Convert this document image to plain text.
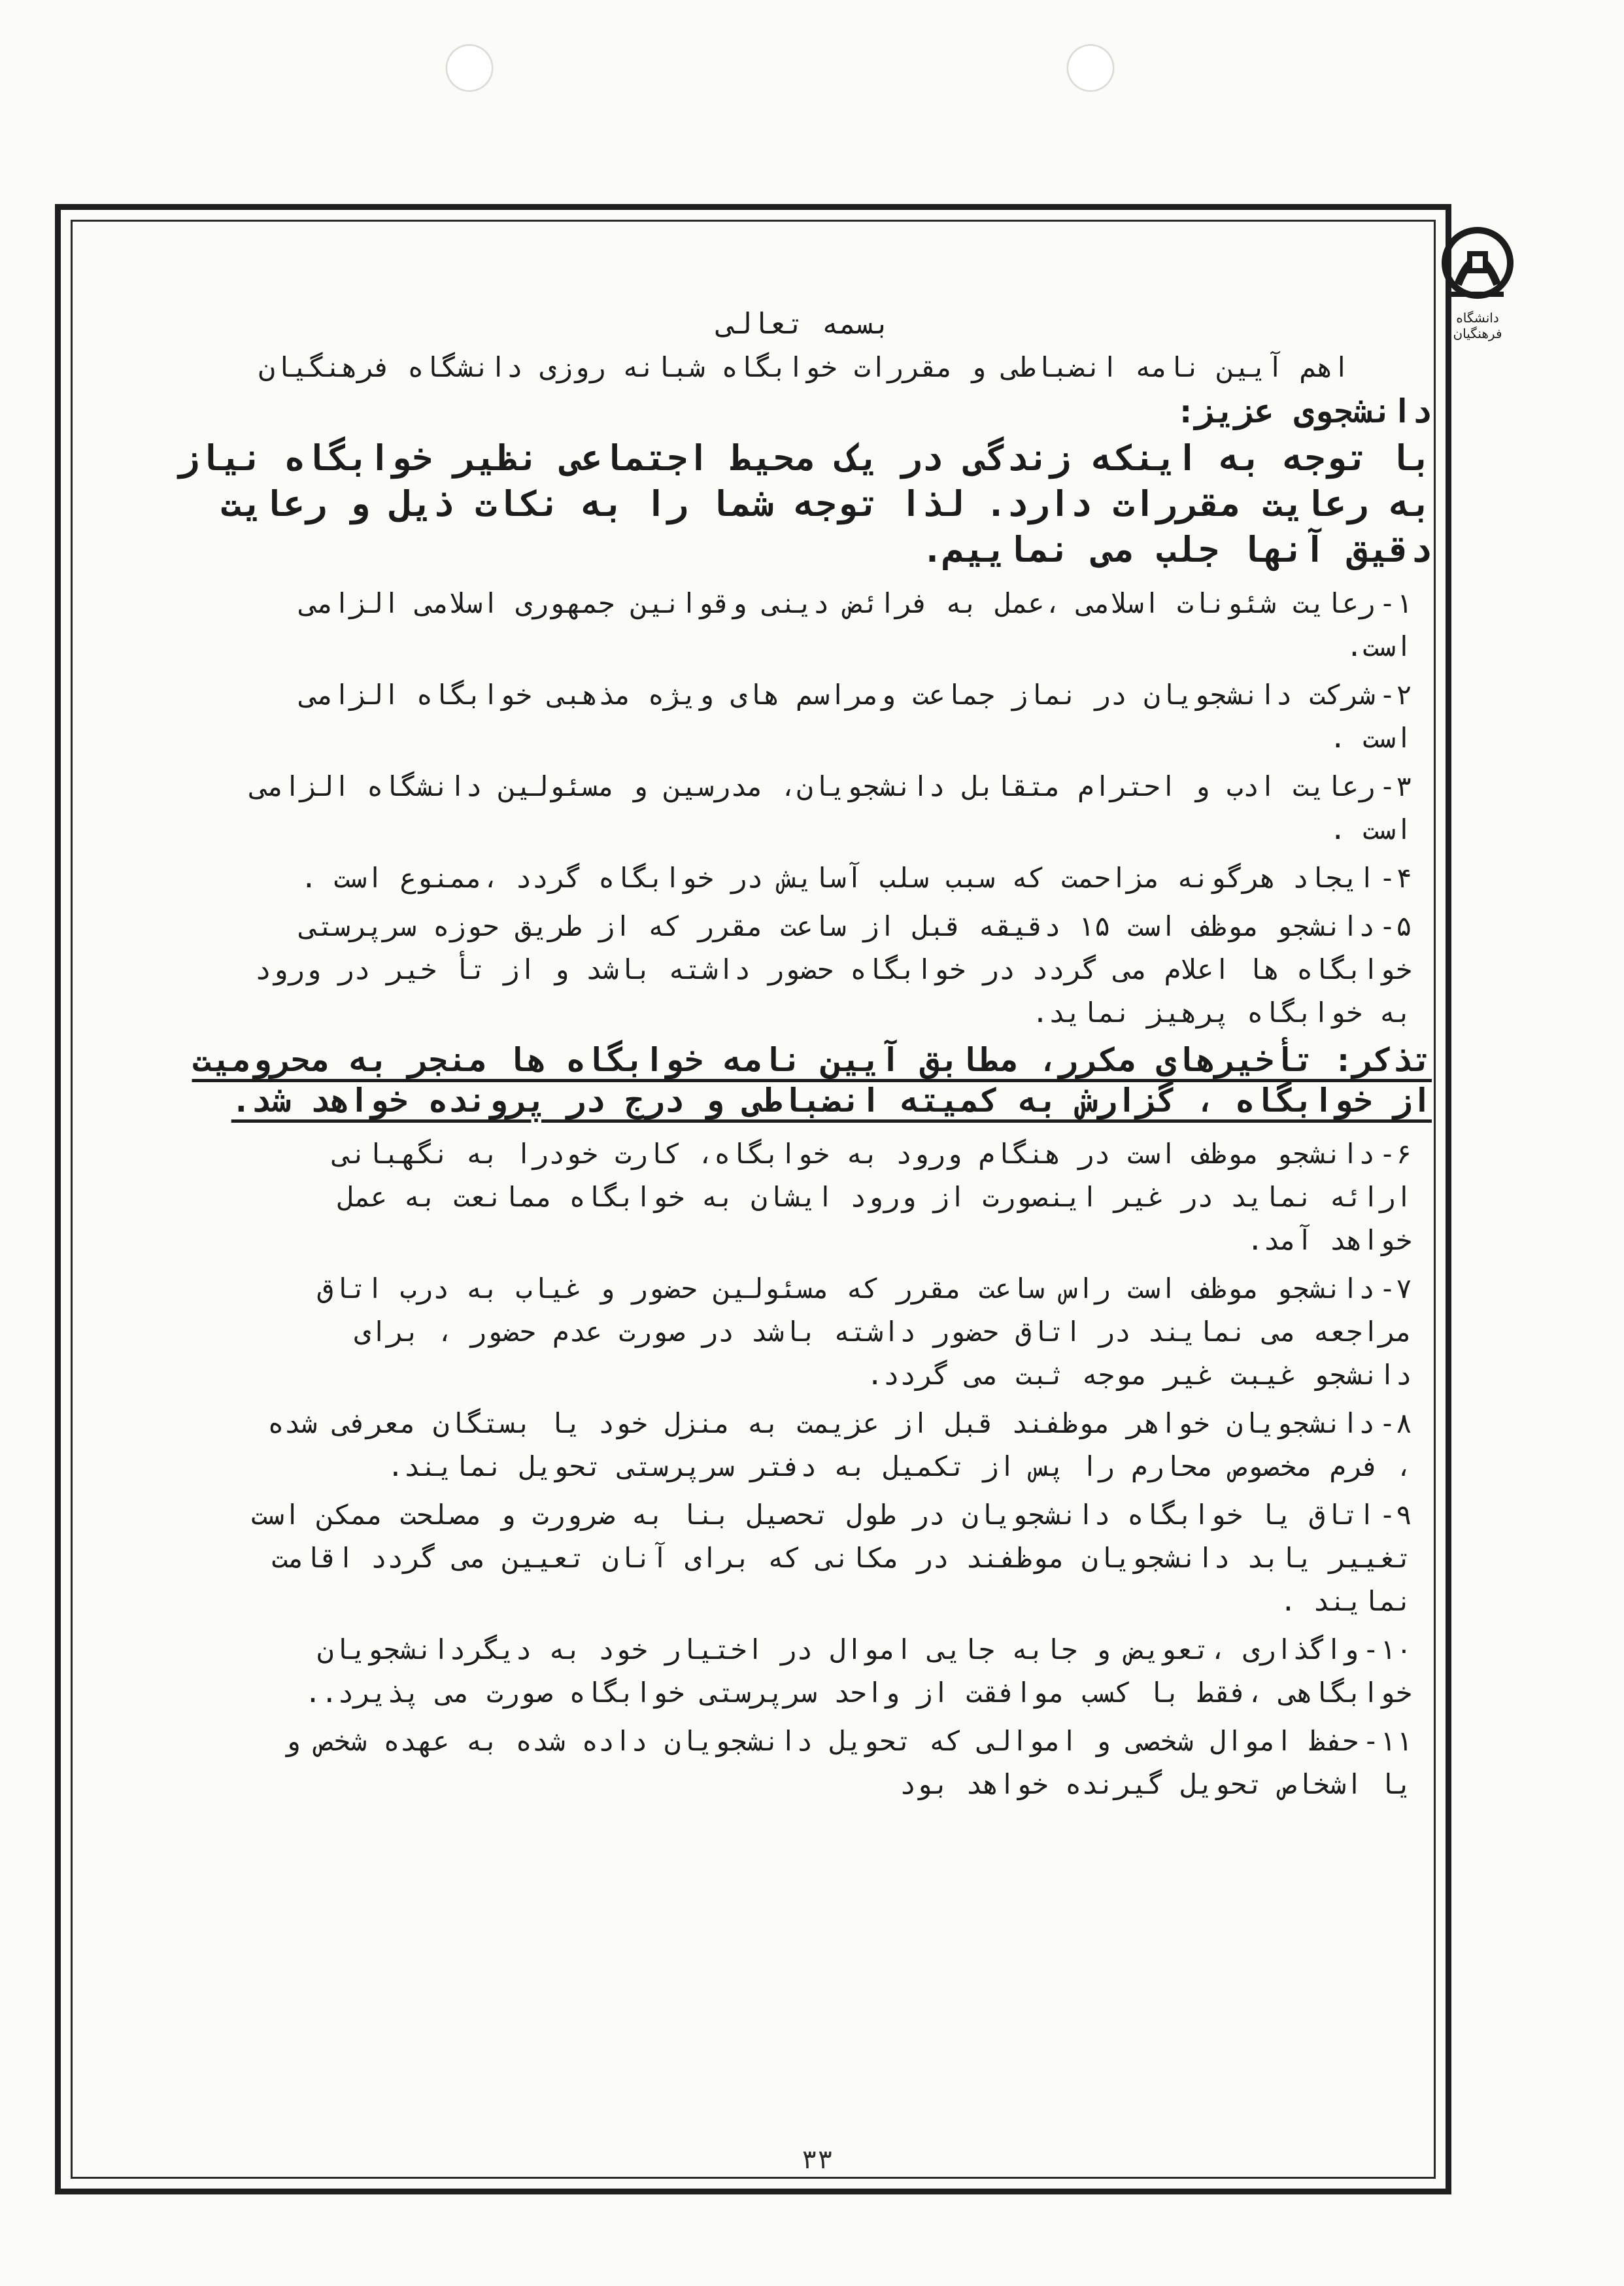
دانشگاه فرهنگیان
بسمه تعالی
اهم آیین نامه انضباطی و مقررات خوابگاه شبانه روزی دانشگاه فرهنگیان
دانشجوی عزیز:
با توجه به اینکه زندگی در یک محیط اجتماعی نظیر خوابگاه نیاز به رعایت مقررات دارد. لذا توجه شما را به نکات ذیل و رعایت دقیق آنها جلب می نماییم.
۱-رعایت شئونات اسلامی ،عمل به فرائض دینی وقوانین جمهوری اسلامی الزامی است.
۲-شرکت دانشجویان در نماز جماعت ومراسم های ویژه مذهبی خوابگاه الزامی است .
۳-رعایت ادب و احترام متقابل دانشجویان، مدرسین و مسئولین دانشگاه الزامی است .
۴-ایجاد هرگونه مزاحمت که سبب سلب آسایش در خوابگاه گردد ،ممنوع است .
۵-دانشجو موظف است ۱۵ دقیقه قبل از ساعت مقرر که از طریق حوزه سرپرستی خوابگاه ها اعلام می گردد در خوابگاه حضور داشته باشد و از تأ خیر در ورود به خوابگاه پرهیز نماید.
تذکر: تأخیرهای مکرر، مطابق آیین نامه خوابگاه ها منجر به محرومیت از خوابگاه ، گزارش به کمیته انضباطی و درج در پرونده خواهد شد.
۶-دانشجو موظف است در هنگام ورود به خوابگاه، کارت خودرا به نگهبانی ارائه نماید در غیر اینصورت از ورود ایشان به خوابگاه ممانعت به عمل خواهد آمد.
۷-دانشجو موظف است راس ساعت مقرر که مسئولین حضور و غیاب به درب اتاق مراجعه می نمایند در اتاق حضور داشته باشد در صورت عدم حضور ، برای دانشجو غیبت غیر موجه ثبت می گردد.
۸-دانشجویان خواهر موظفند قبل از عزیمت به منزل خود یا بستگان معرفی شده ، فرم مخصوص محارم را پس از تکمیل به دفتر سرپرستی تحویل نمایند.
۹-اتاق یا خوابگاه دانشجویان در طول تحصیل بنا به ضرورت و مصلحت ممکن است تغییر یابد دانشجویان موظفند در مکانی که برای آنان تعیین می گردد اقامت نمایند .
۱۰-واگذاری ،تعویض و جابه جایی اموال در اختیار خود به دیگردانشجویان خوابگاهی ،فقط با کسب موافقت از واحد سرپرستی خوابگاه صورت می پذیرد..
۱۱-حفظ اموال شخصی و اموالی که تحویل دانشجویان داده شده به عهده شخص و یا اشخاص تحویل گیرنده خواهد بود
۳۳
